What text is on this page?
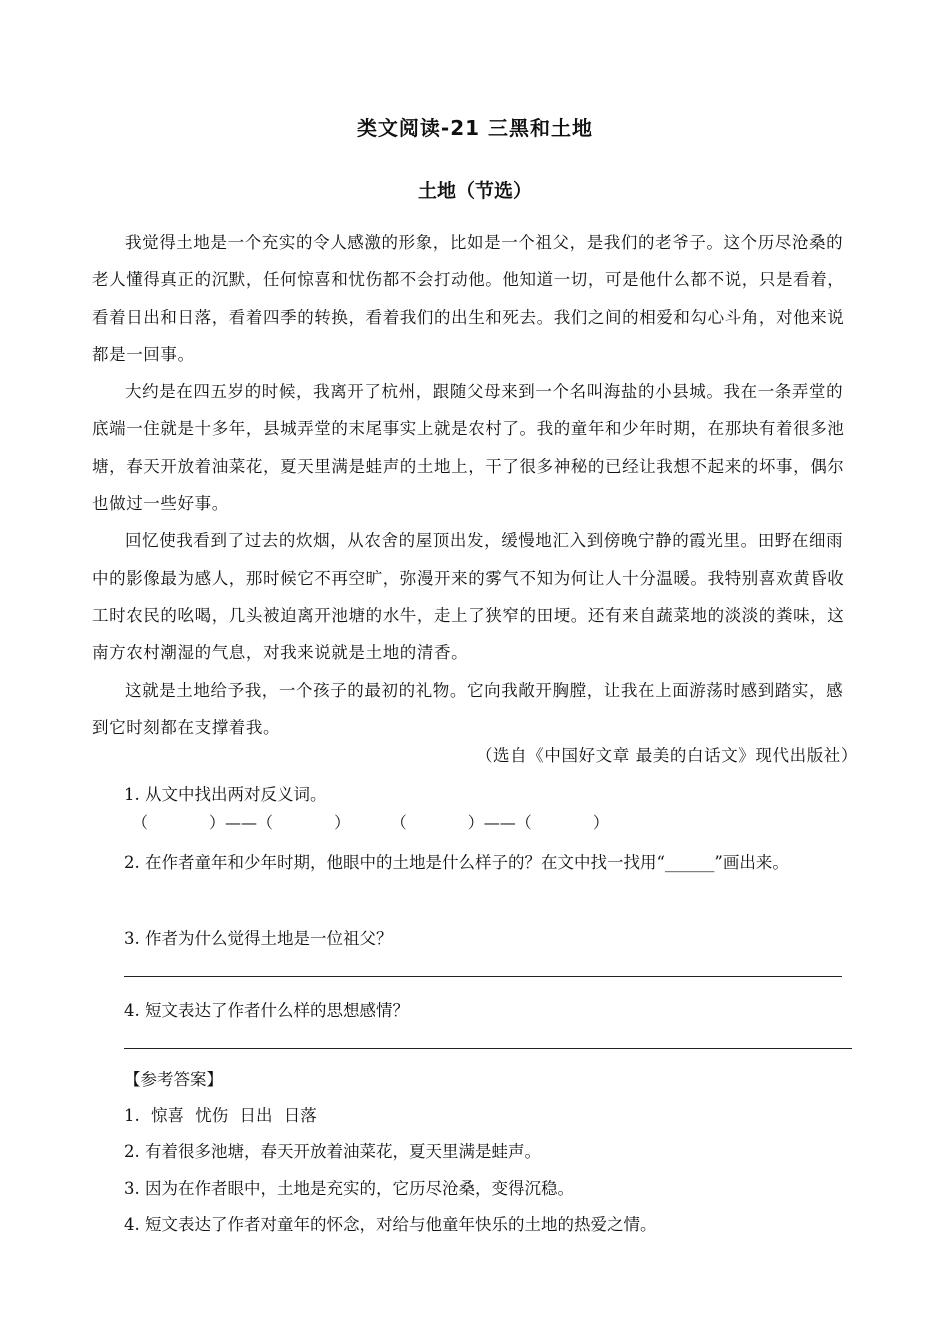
类文阅读-21 三黑和土地
土地（节选）

我觉得土地是一个充实的令人感激的形象，比如是一个祖父，是我们的老爷子。这个历尽沧桑的老人懂得真正的沉默，任何惊喜和忧伤都不会打动他。他知道一切，可是他什么都不说，只是看着，看着日出和日落，看着四季的转换，看着我们的出生和死去。我们之间的相爱和勾心斗角，对他来说都是一回事。

大约是在四五岁的时候，我离开了杭州，跟随父母来到一个名叫海盐的小县城。我在一条弄堂的底端一住就是十多年，县城弄堂的末尾事实上就是农村了。我的童年和少年时期，在那块有着很多池塘，春天开放着油菜花，夏天里满是蛙声的土地上，干了很多神秘的已经让我想不起来的坏事，偶尔也做过一些好事。

回忆使我看到了过去的炊烟，从农舍的屋顶出发，缓慢地汇入到傍晚宁静的霞光里。田野在细雨中的影像最为感人，那时候它不再空旷，弥漫开来的雾气不知为何让人十分温暖。我特别喜欢黄昏收工时农民的吆喝，几头被迫离开池塘的水牛，走上了狭窄的田埂。还有来自蔬菜地的淡淡的粪味，这南方农村潮湿的气息，对我来说就是土地的清香。

这就是土地给予我，一个孩子的最初的礼物。它向我敞开胸膛，让我在上面游荡时感到踏实，感到它时刻都在支撑着我。

（选自《中国好文章 最美的白话文》现代出版社）
1. 从文中找出两对反义词。
（            ）——（            ）        （            ）——（            ）
2. 在作者童年和少年时期，他眼中的土地是什么样子的？在文中找一找用“______”画出来。
3. 作者为什么觉得土地是一位祖父？
4. 短文表达了作者什么样的思想感情？
【参考答案】
1. 惊喜 忧伤 日出 日落
2. 有着很多池塘，春天开放着油菜花，夏天里满是蛙声。
3. 因为在作者眼中，土地是充实的，它历尽沧桑，变得沉稳。
4. 短文表达了作者对童年的怀念，对给与他童年快乐的土地的热爱之情。
